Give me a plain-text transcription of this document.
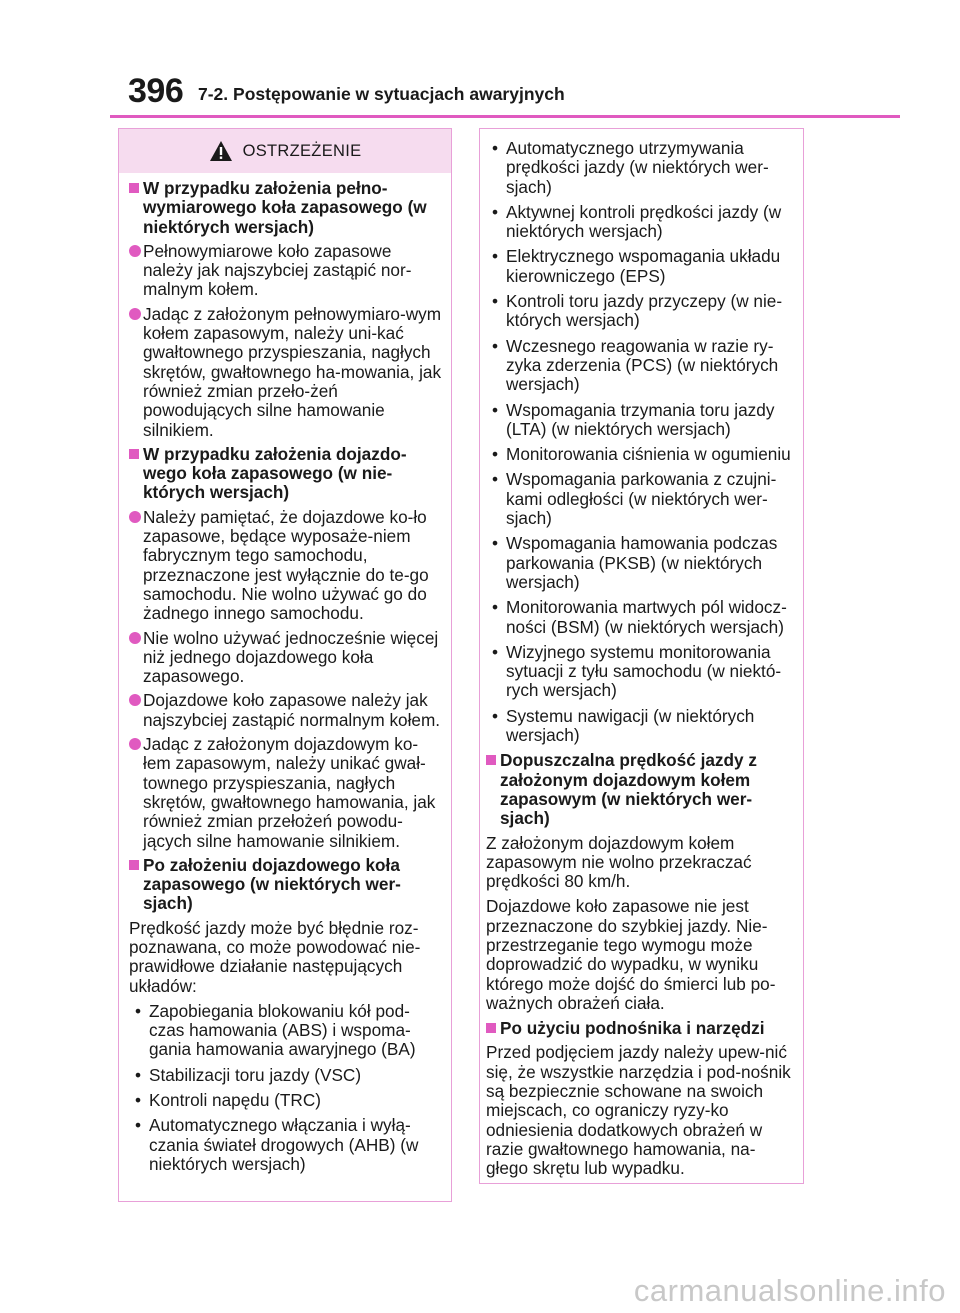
396 7-2. Postępowanie w sytuacjach awaryjnych
OSTRZEŻENIE
W przypadku założenia pełno-wymiarowego koła zapasowego (w niektórych wersjach)
Pełnowymiarowe koło zapasowe należy jak najszybciej zastąpić nor-malnym kołem.
Jadąc z założonym pełnowymiaro-wym kołem zapasowym, należy uni-kać gwałtownego przyspieszania, nagłych skrętów, gwałtownego ha-mowania, jak również zmian przeło-żeń powodujących silne hamowanie silnikiem.
W przypadku założenia dojazdo-wego koła zapasowego (w nie-których wersjach)
Należy pamiętać, że dojazdowe ko-ło zapasowe, będące wyposaże-niem fabrycznym tego samochodu, przeznaczone jest wyłącznie do te-go samochodu. Nie wolno używać go do żadnego innego samochodu.
Nie wolno używać jednocześnie więcej niż jednego dojazdowego koła zapasowego.
Dojazdowe koło zapasowe należy jak najszybciej zastąpić normalnym kołem.
Jadąc z założonym dojazdowym ko-łem zapasowym, należy unikać gwał-townego przyspieszania, nagłych skrętów, gwałtownego hamowania, jak również zmian przełożeń powodu-jących silne hamowanie silnikiem.
Po założeniu dojazdowego koła zapasowego (w niektórych wer-sjach)
Prędkość jazdy może być błędnie roz-poznawana, co może powodować nie-prawidłowe działanie następujących układów:
• Zapobiegania blokowaniu kół pod-czas hamowania (ABS) i wspoma-gania hamowania awaryjnego (BA)
• Stabilizacji toru jazdy (VSC)
• Kontroli napędu (TRC)
• Automatycznego włączania i wyłą-czania świateł drogowych (AHB) (w niektórych wersjach)
• Automatycznego utrzymywania prędkości jazdy (w niektórych wer-sjach)
• Aktywnej kontroli prędkości jazdy (w niektórych wersjach)
• Elektrycznego wspomagania układu kierowniczego (EPS)
• Kontroli toru jazdy przyczepy (w nie-których wersjach)
• Wczesnego reagowania w razie ry-zyka zderzenia (PCS) (w niektórych wersjach)
• Wspomagania trzymania toru jazdy (LTA) (w niektórych wersjach)
• Monitorowania ciśnienia w ogumieniu
• Wspomagania parkowania z czujni-kami odległości (w niektórych wer-sjach)
• Wspomagania hamowania podczas parkowania (PKSB) (w niektórych wersjach)
• Monitorowania martwych pól widocz-ności (BSM) (w niektórych wersjach)
• Wizyjnego systemu monitorowania sytuacji z tyłu samochodu (w niektó-rych wersjach)
• Systemu nawigacji (w niektórych wersjach)
Dopuszczalna prędkość jazdy z założonym dojazdowym kołem zapasowym (w niektórych wer-sjach)
Z założonym dojazdowym kołem zapasowym nie wolno przekraczać prędkości 80 km/h.
Dojazdowe koło zapasowe nie jest przeznaczone do szybkiej jazdy. Nie-przestrzeganie tego wymogu może doprowadzić do wypadku, w wyniku którego może dojść do śmierci lub po-ważnych obrażeń ciała.
Po użyciu podnośnika i narzędzi
Przed podjęciem jazdy należy upew-nić się, że wszystkie narzędzia i pod-nośnik są bezpiecznie schowane na swoich miejscach, co ograniczy ryzy-ko odniesienia dodatkowych obrażeń w razie gwałtownego hamowania, na-głego skrętu lub wypadku.
carmanualsonline.info
